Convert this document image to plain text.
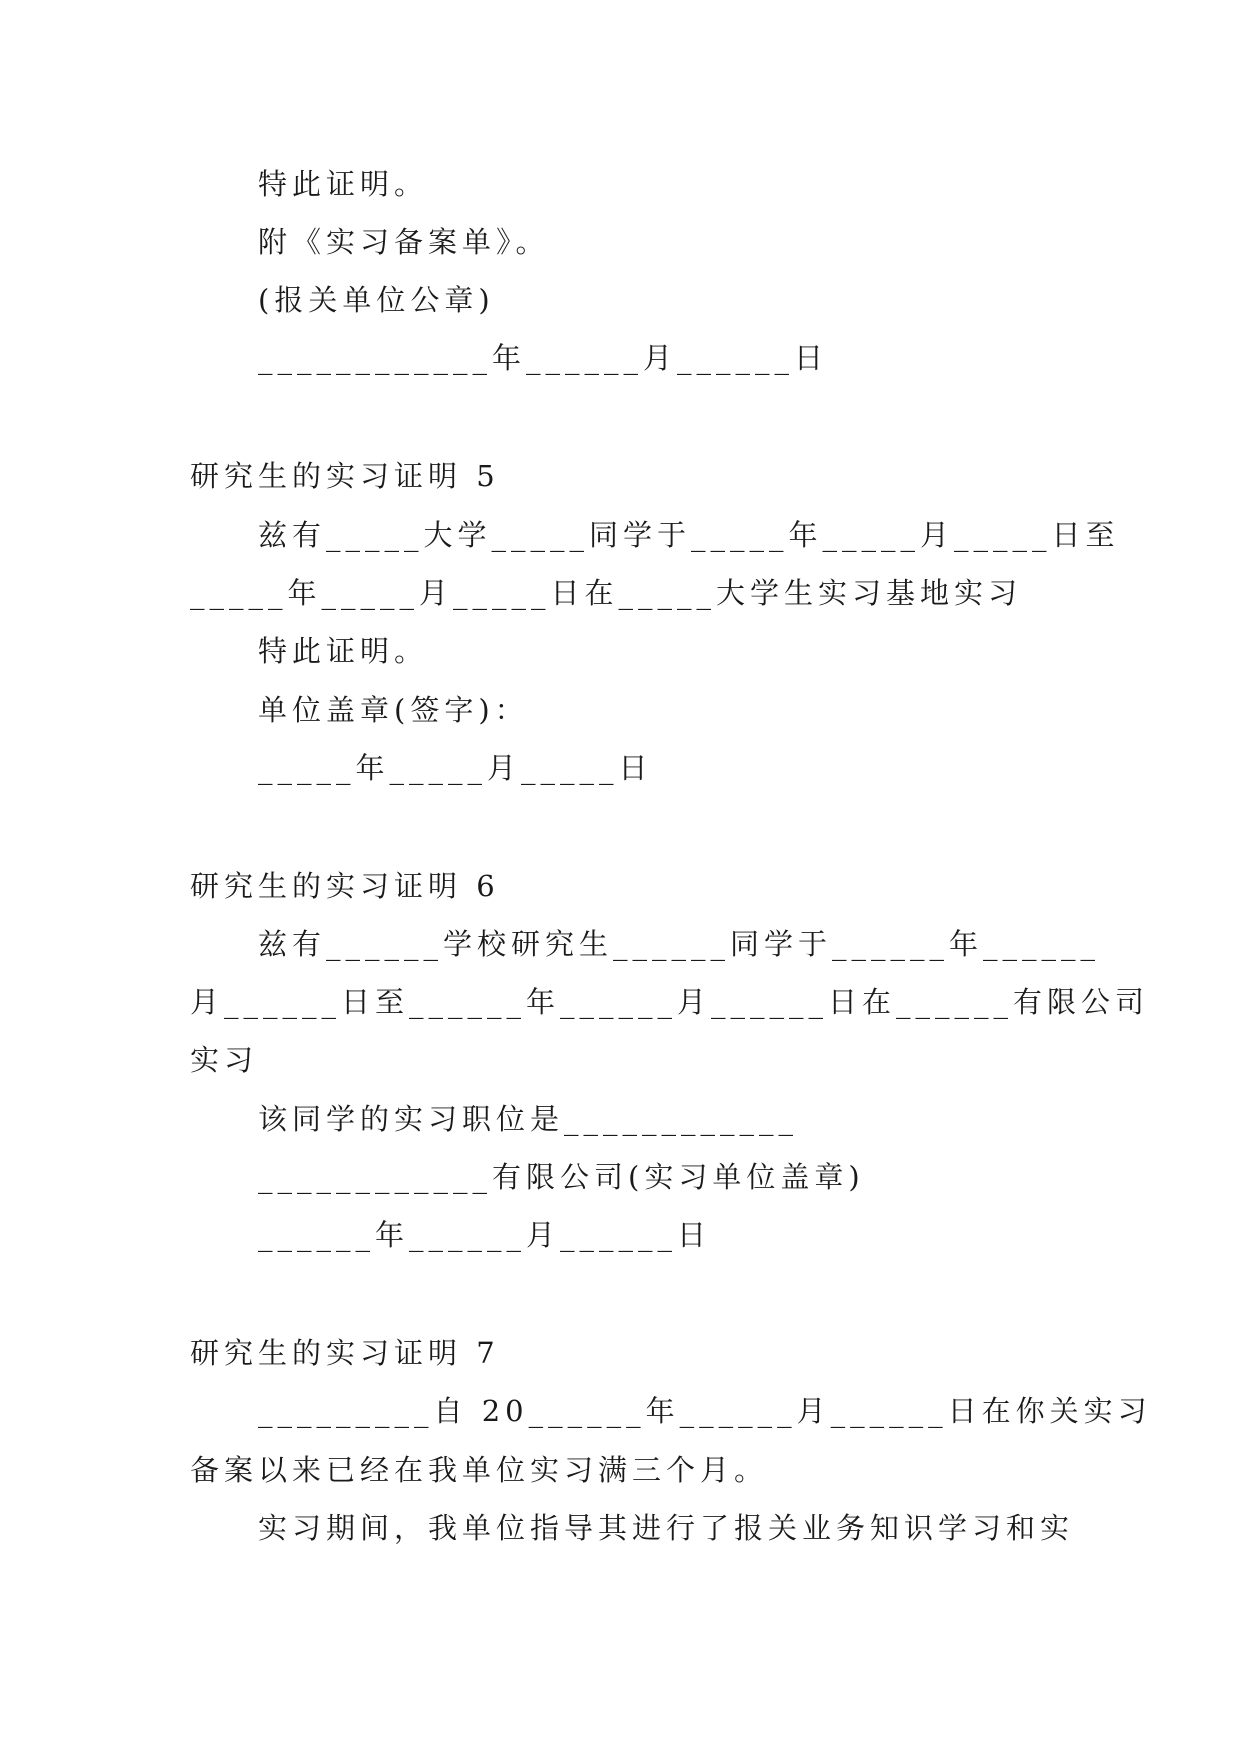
特此证明。
附《实习备案单》。
(报关单位公章)
____________年______月______日
研究生的实习证明 5
兹有_____大学_____同学于_____年_____月_____日至
_____年_____月_____日在_____大学生实习基地实习
特此证明。
单位盖章(签字)：
_____年_____月_____日
研究生的实习证明 6
兹有______学校研究生______同学于______年______
月______日至______年______月______日在______有限公司
实习
该同学的实习职位是____________
____________有限公司(实习单位盖章)
______年______月______日
研究生的实习证明 7
_________自 20______年______月______日在你关实习
备案以来已经在我单位实习满三个月。
实习期间，我单位指导其进行了报关业务知识学习和实
